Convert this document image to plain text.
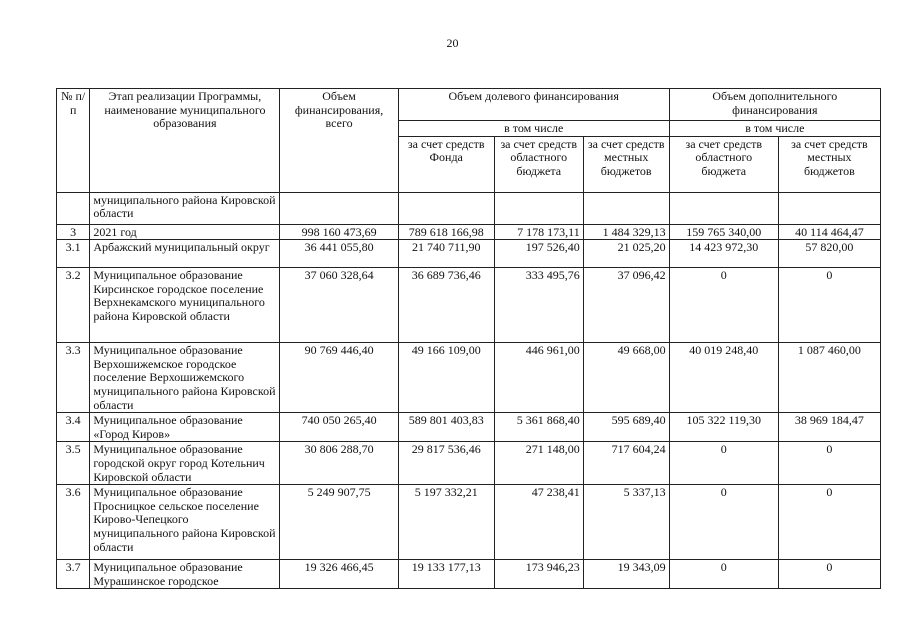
20
№ п/п	Этап реализации Программы, наименование муниципального образования	Объем финансирования, всего	Объем долевого финансирования			Объем дополнительного финансирования	
			в том числе			в том числе	
			за счет средств Фонда	за счет средств областного бюджета	за счет средств местных бюджетов	за счет средств областного бюджета	за счет средств местных бюджетов
	муниципального района Кировской области						
3	2021 год	998 160 473,69	789 618 166,98	7 178 173,11	1 484 329,13	159 765 340,00	40 114 464,47
3.1	Арбажский муниципальный округ	36 441 055,80	21 740 711,90	197 526,40	21 025,20	14 423 972,30	57 820,00
3.2	Муниципальное образование Кирсинское городское поселение Верхнекамского муниципального района Кировской области	37 060 328,64	36 689 736,46	333 495,76	37 096,42	0	0
3.3	Муниципальное образование Верхошижемское городское поселение Верхошижемского муниципального района Кировской области	90 769 446,40	49 166 109,00	446 961,00	49 668,00	40 019 248,40	1 087 460,00
3.4	Муниципальное образование «Город Киров»	740 050 265,40	589 801 403,83	5 361 868,40	595 689,40	105 322 119,30	38 969 184,47
3.5	Муниципальное образование городской округ город Котельнич Кировской области	30 806 288,70	29 817 536,46	271 148,00	717 604,24	0	0
3.6	Муниципальное образование Просницкое сельское поселение Кирово-Чепецкого муниципального района Кировской области	5 249 907,75	5 197 332,21	47 238,41	5 337,13	0	0
3.7	Муниципальное образование Мурашинское городское	19 326 466,45	19 133 177,13	173 946,23	19 343,09	0	0
